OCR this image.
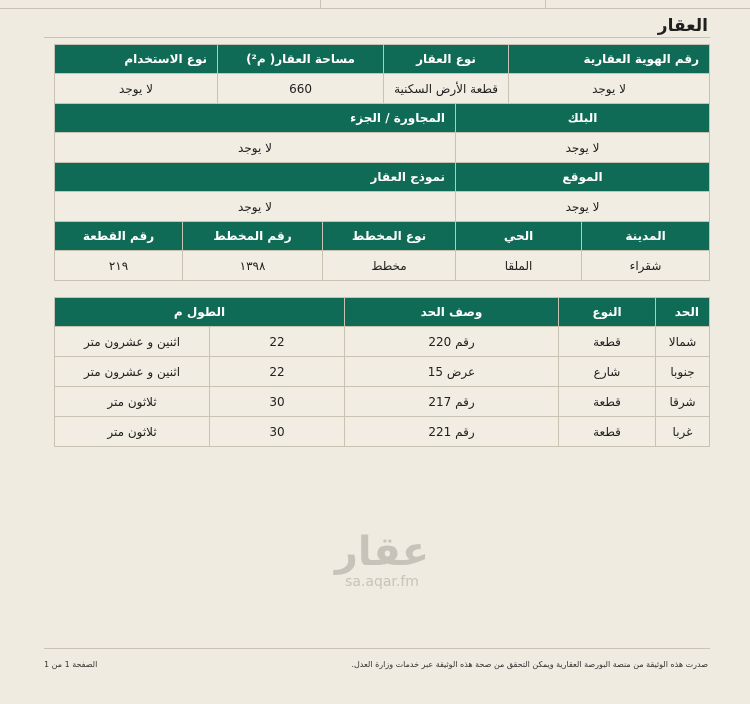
العقار
رقم الهوية العقارية		نوع العقار		مساحة العقار( م²)		نوع الاستخدام	
لا يوجد		قطعة الأرض السكنية		660		لا يوجد	
البلك			المجاورة / الجزء				
لا يوجد			لا يوجد				
الموقع			نموذج العقار				
لا يوجد			لا يوجد				
المدينة	الحي		نوع المخطط		رقم المخطط		رقم القطعة
شقراء	الملقا		مخطط		١٣٩٨		٢١٩
الحد	النوع	وصف الحد	الطول م	
شمالا	قطعة	رقم 220	22	اثنين و عشرون متر
جنوبا	شارع	عرض 15	22	اثنين و عشرون متر
شرقا	قطعة	رقم 217	30	ثلاثون متر
غربا	قطعة	رقم 221	30	ثلاثون متر
عقار
sa.aqar.fm
صدرت هذه الوثيقة من منصة البورصة العقارية ويمكن التحقق من صحة هذه الوثيقة عبر خدمات وزارة العدل.
الصفحة 1 من 1
